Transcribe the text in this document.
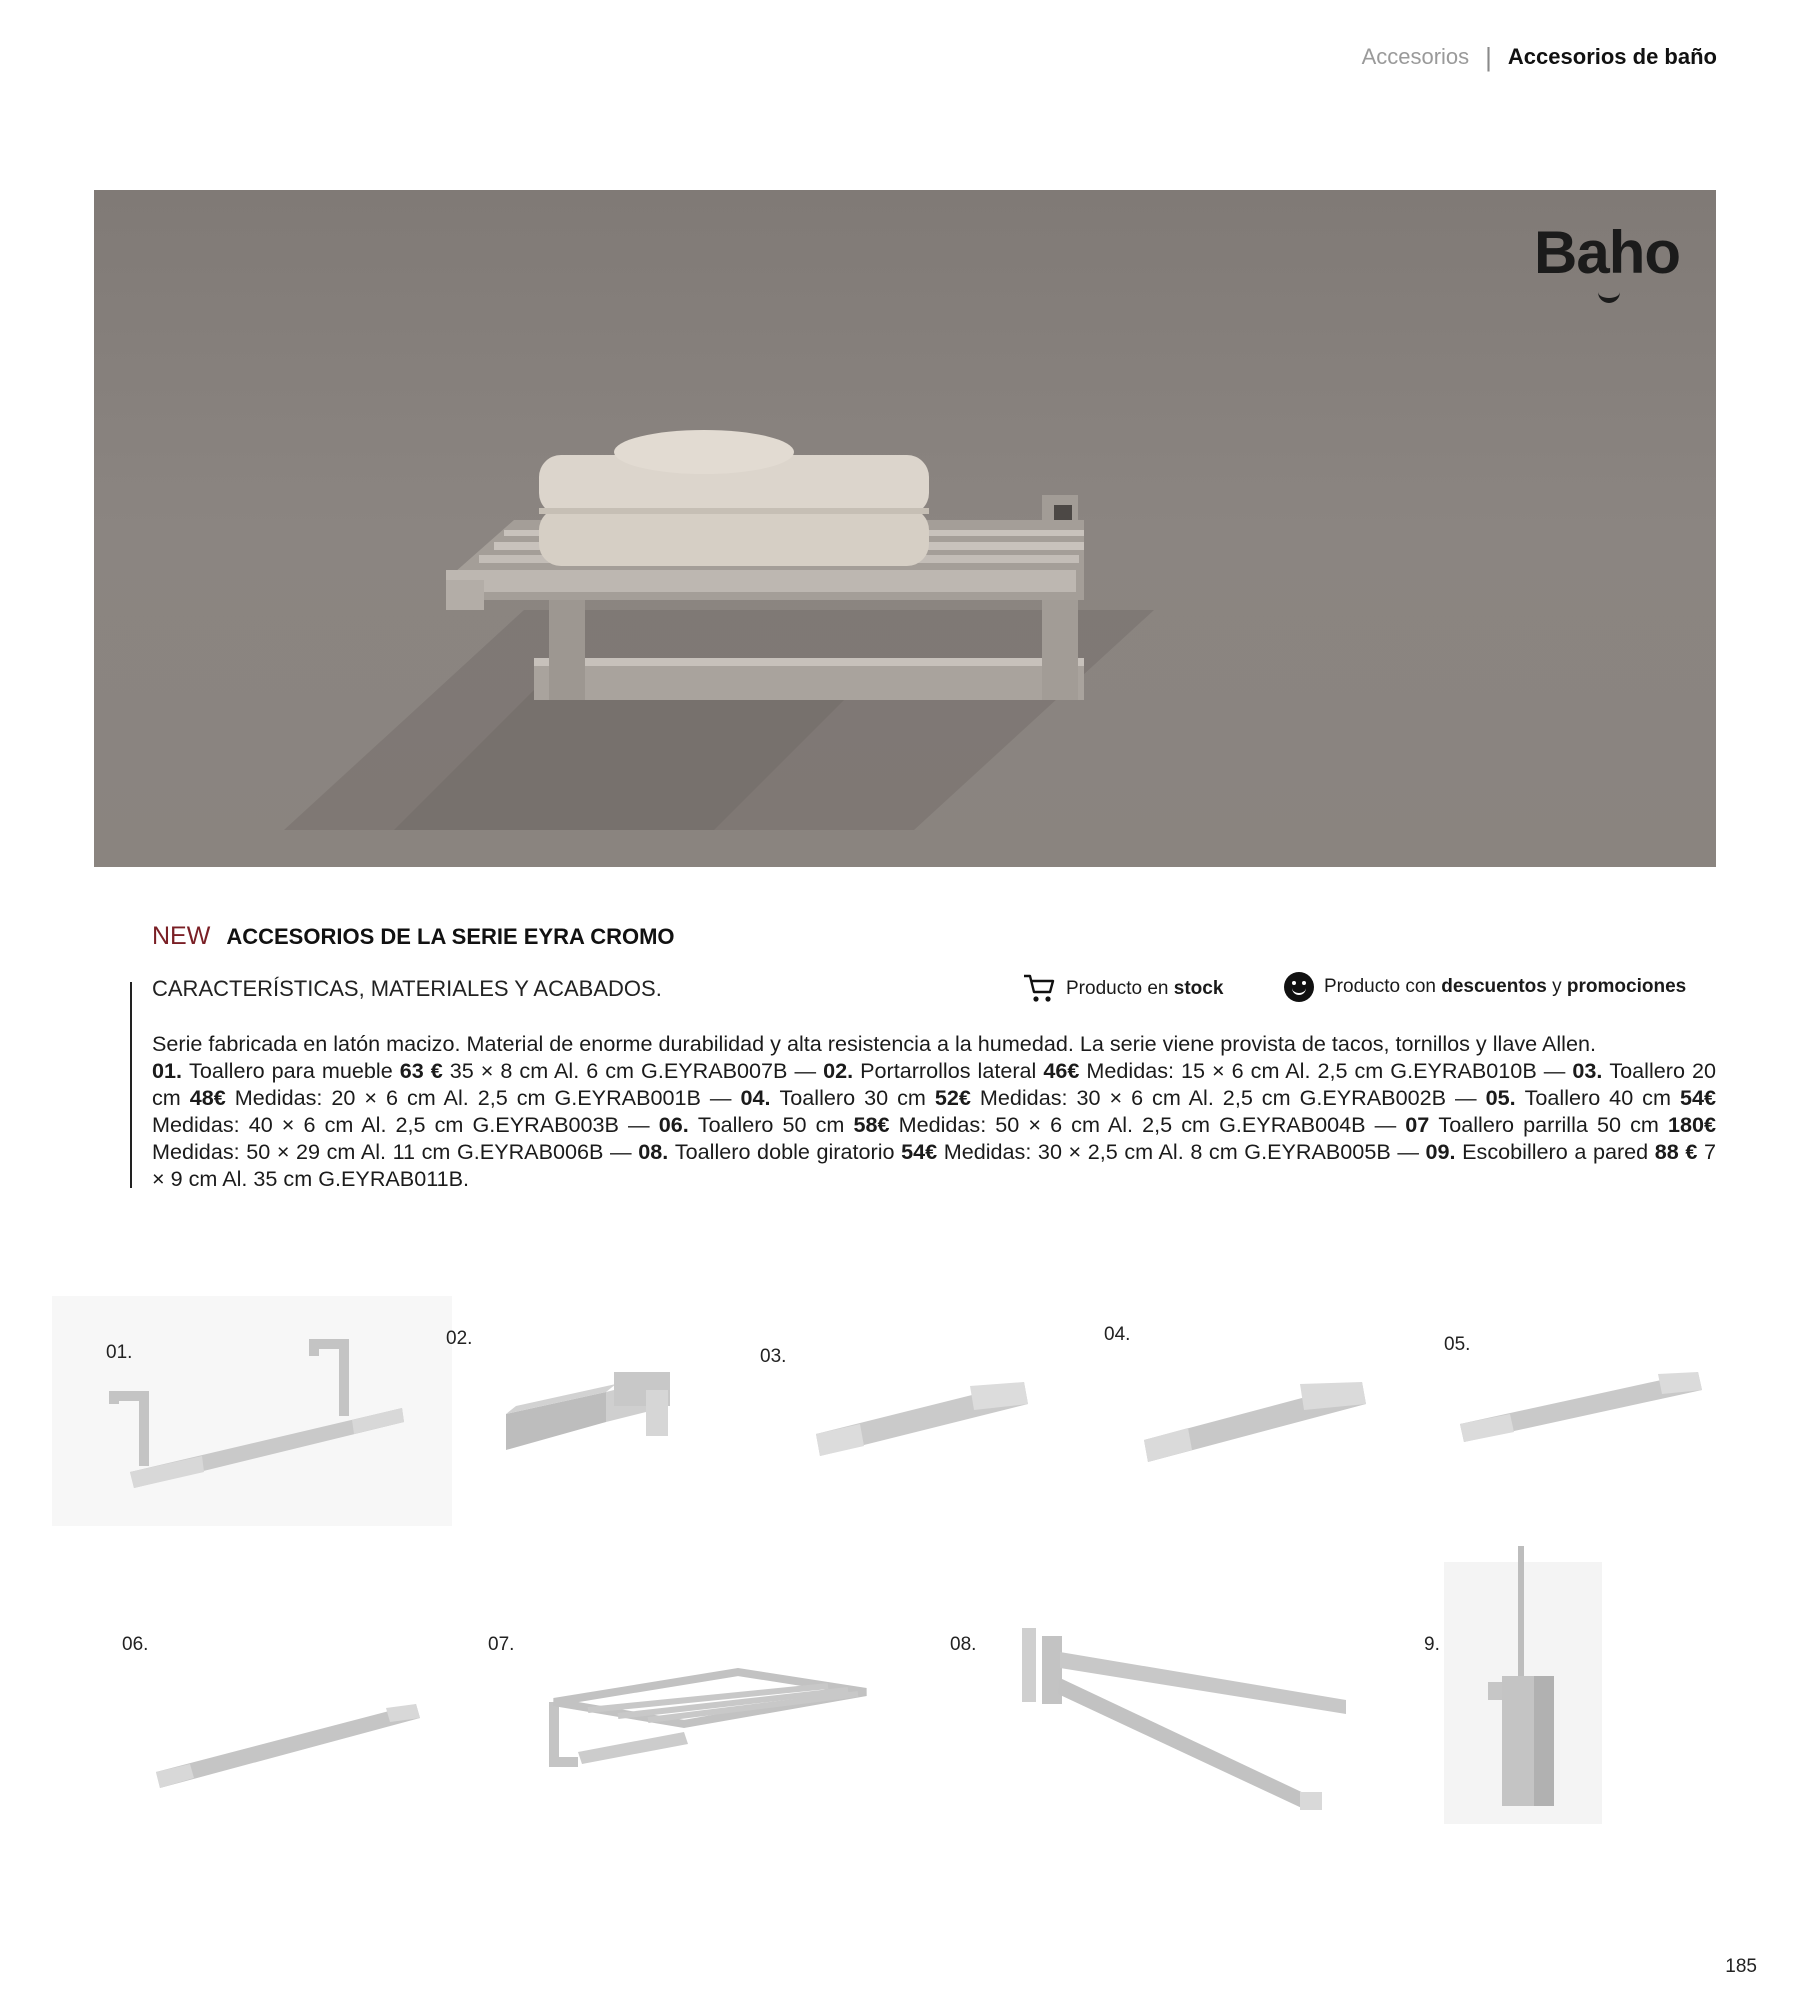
Accesorios | Accesorios de baño
Baho
NEW ACCESORIOS DE LA SERIE EYRA CROMO
CARACTERÍSTICAS, MATERIALES Y ACABADOS.	Producto en stock	Producto con descuentos y promociones
Serie fabricada en latón macizo. Material de enorme durabilidad y alta resistencia a la humedad. La serie viene provista de tacos, tornillos y llave Allen.
01. Toallero para mueble 63 € 35 × 8 cm Al. 6 cm G.EYRAB007B — 02. Portarrollos lateral 46€ Medidas: 15 × 6 cm Al. 2,5 cm G.EYRAB010B — 03. Toallero 20 cm 48€ Medidas: 20 × 6 cm Al. 2,5 cm G.EYRAB001B — 04. Toallero 30 cm 52€ Medidas: 30 × 6 cm Al. 2,5 cm G.EYRAB002B — 05. Toallero 40 cm 54€ Medidas: 40 × 6 cm Al. 2,5 cm G.EYRAB003B — 06. Toallero 50 cm 58€ Medidas: 50 × 6 cm Al. 2,5 cm G.EYRAB004B — 07 Toallero parrilla 50 cm 180€ Medidas: 50 × 29 cm Al. 11 cm G.EYRAB006B — 08. Toallero doble giratorio 54€ Medidas: 30 × 2,5 cm Al. 8 cm G.EYRAB005B — 09. Escobillero a pared 88 € 7 × 9 cm Al. 35 cm G.EYRAB011B.
01.
02.
03.
04.	05.
06.	07.	08.	9.
185
